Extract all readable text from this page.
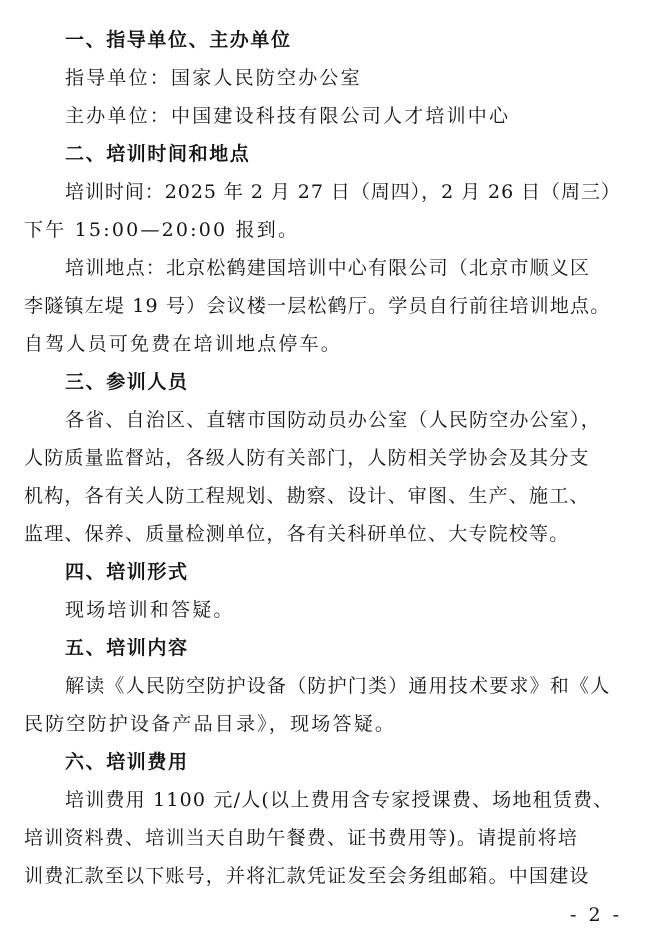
一、指导单位、主办单位
指导单位：国家人民防空办公室
主办单位：中国建设科技有限公司人才培训中心
二、培训时间和地点
培训时间：2025 年 2 月 27 日（周四），2 月 26 日（周三）
下午 15:00—20:00 报到。
培训地点：北京松鹤建国培训中心有限公司（北京市顺义区
李隧镇左堤 19 号）会议楼一层松鹤厅。学员自行前往培训地点。
自驾人员可免费在培训地点停车。
三、参训人员
各省、自治区、直辖市国防动员办公室（人民防空办公室），
人防质量监督站，各级人防有关部门，人防相关学协会及其分支
机构，各有关人防工程规划、勘察、设计、审图、生产、施工、
监理、保养、质量检测单位，各有关科研单位、大专院校等。
四、培训形式
现场培训和答疑。
五、培训内容
解读《人民防空防护设备（防护门类）通用技术要求》和《人
民防空防护设备产品目录》，现场答疑。
六、培训费用
培训费用 1100 元/人(以上费用含专家授课费、场地租赁费、
培训资料费、培训当天自助午餐费、证书费用等)。请提前将培
训费汇款至以下账号，并将汇款凭证发至会务组邮箱。中国建设
- 2 -
